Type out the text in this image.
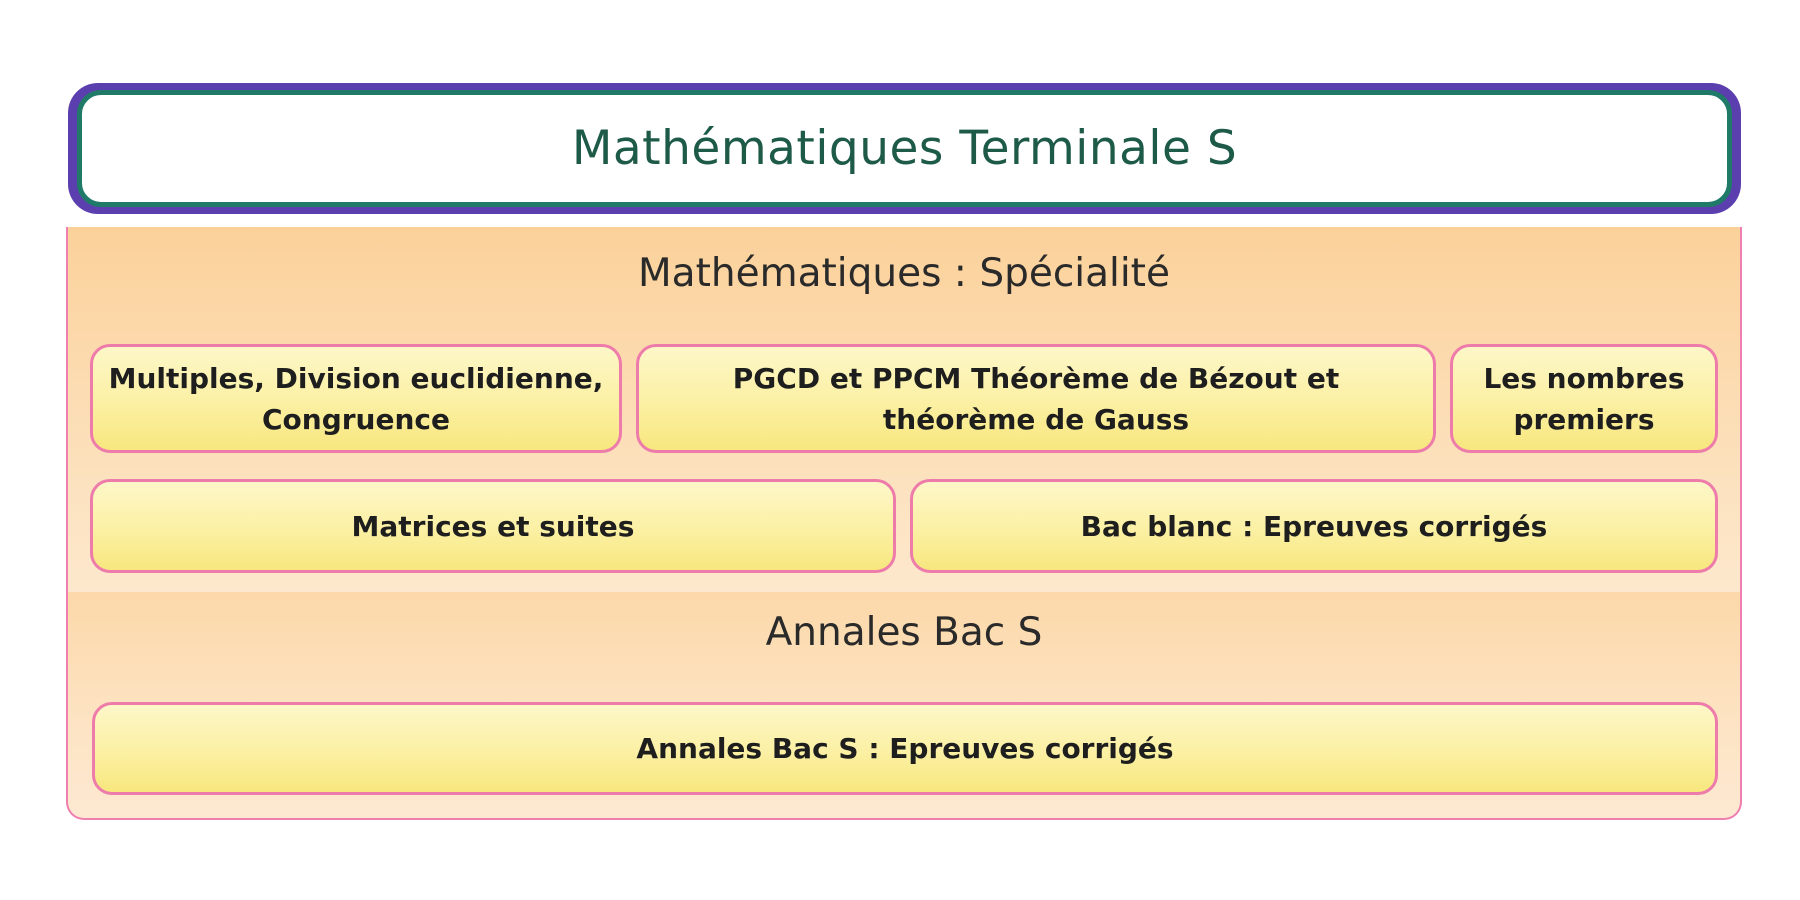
Mathématiques Terminale S
Mathématiques : Spécialité
Multiples, Division euclidienne,
Congruence
PGCD et PPCM Théorème de Bézout et
théorème de Gauss
Les nombres
premiers
Matrices et suites	Bac blanc : Epreuves corrigés
Annales Bac S
Annales Bac S : Epreuves corrigés
